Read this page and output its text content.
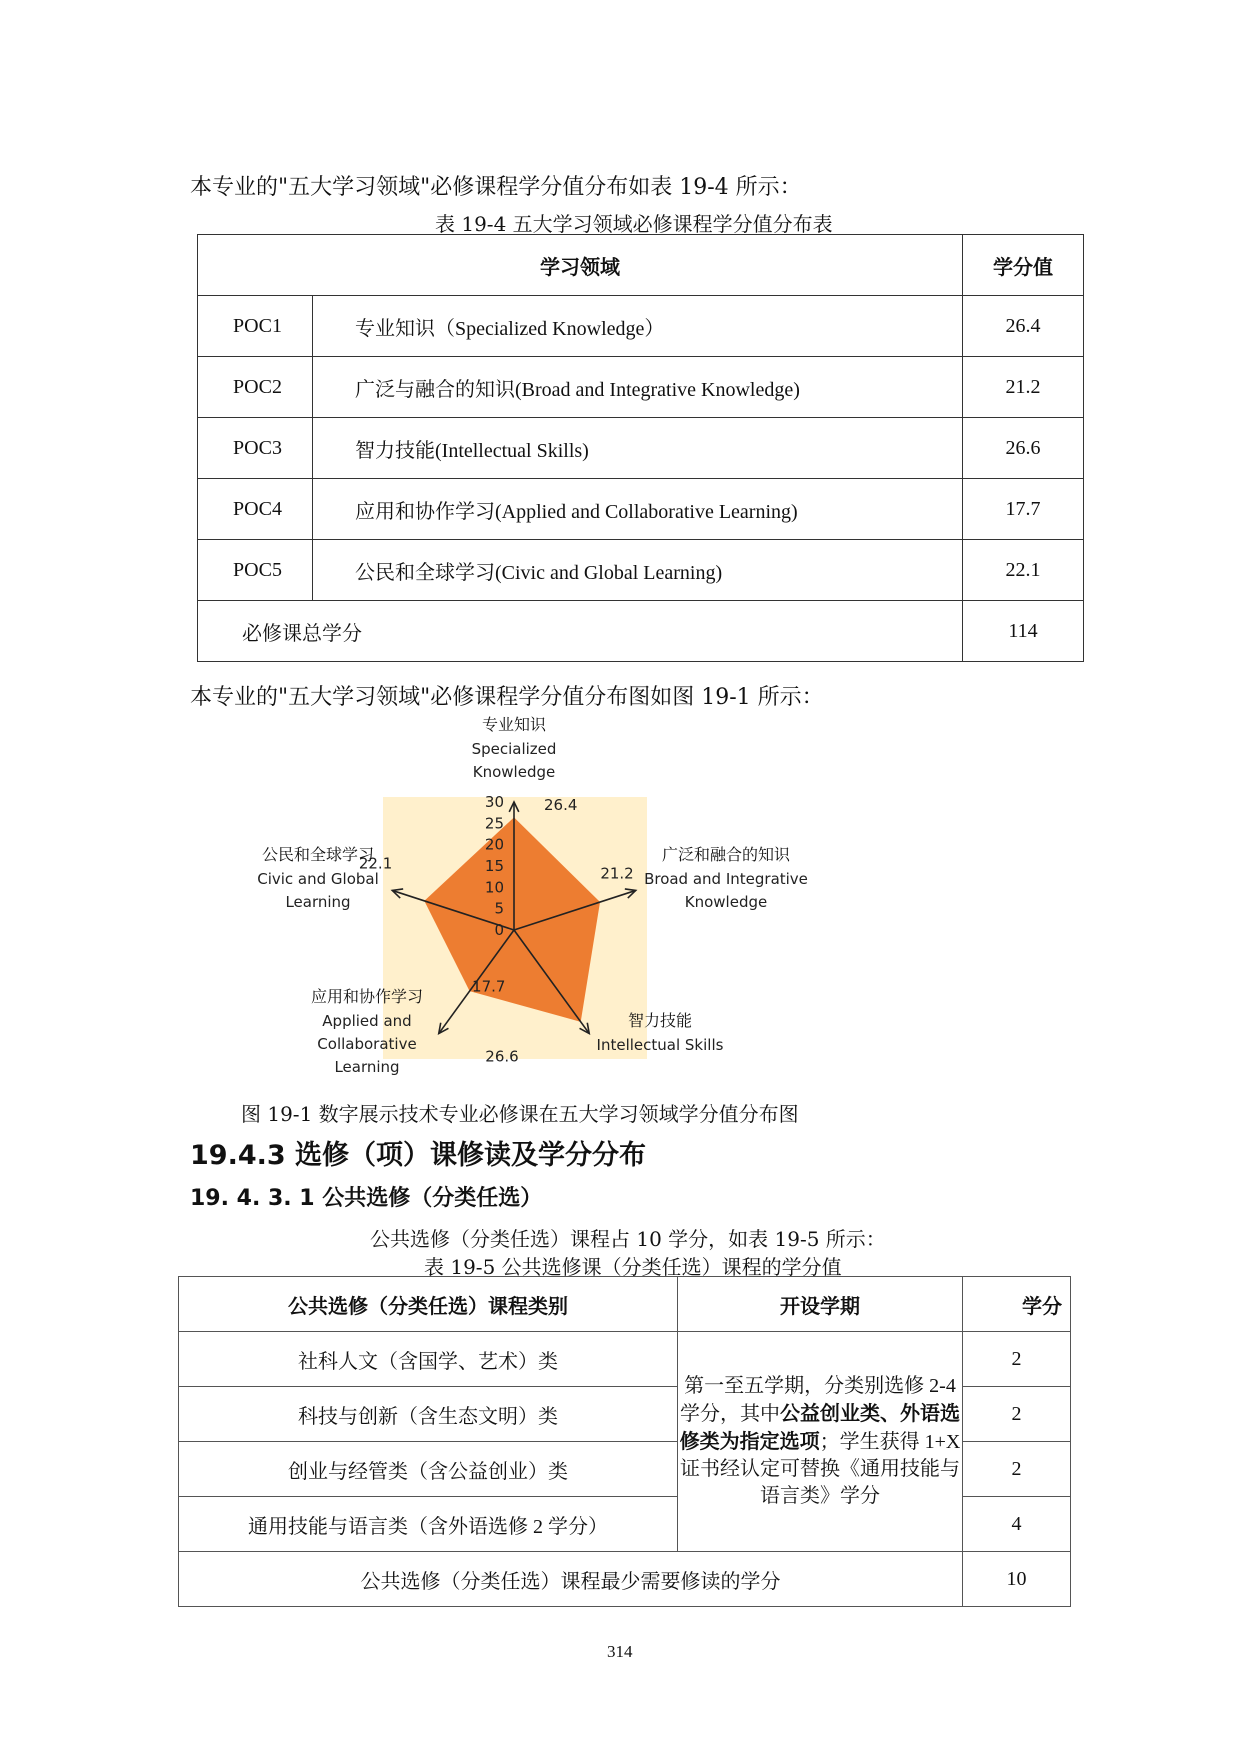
本专业的"五大学习领域"必修课程学分值分布如表 19-4 所示：
表 19-4 五大学习领域必修课程学分值分布表
学习领域		学分值
POC1	专业知识（Specialized Knowledge）	26.4
POC2	广泛与融合的知识(Broad and Integrative Knowledge)	21.2
POC3	智力技能(Intellectual Skills)	26.6
POC4	应用和协作学习(Applied and Collaborative Learning)	17.7
POC5	公民和全球学习(Civic and Global Learning)	22.1
必修课总学分		114
本专业的"五大学习领域"必修课程学分值分布图如图 19-1 所示：
0
5
10
15
20
25
30	26.4
21.2
26.6
17.7
22.1
专业知识
Specialized
Knowledge
广泛和融合的知识
Broad and Integrative
Knowledge
智力技能
Intellectual Skills
应用和协作学习
Applied and
Collaborative
Learning
公民和全球学习
Civic and Global
Learning
图 19-1 数字展示技术专业必修课在五大学习领域学分值分布图
19.4.3 选修（项）课修读及学分分布
19. 4. 3. 1 公共选修（分类任选）
公共选修（分类任选）课程占 10 学分，如表 19-5 所示：
表 19-5 公共选修课（分类任选）课程的学分值
公共选修（分类任选）课程类别	开设学期	学分
社科人文（含国学、艺术）类	第一至五学期，分类别选修 2-4 学分，其中公益创业类、外语选修类为指定选项；学生获得 1+X 证书经认定可替换《通用技能与语言类》学分	2
科技与创新（含生态文明）类		2
创业与经管类（含公益创业）类		2
通用技能与语言类（含外语选修 2 学分）		4
公共选修（分类任选）课程最少需要修读的学分		10
314
